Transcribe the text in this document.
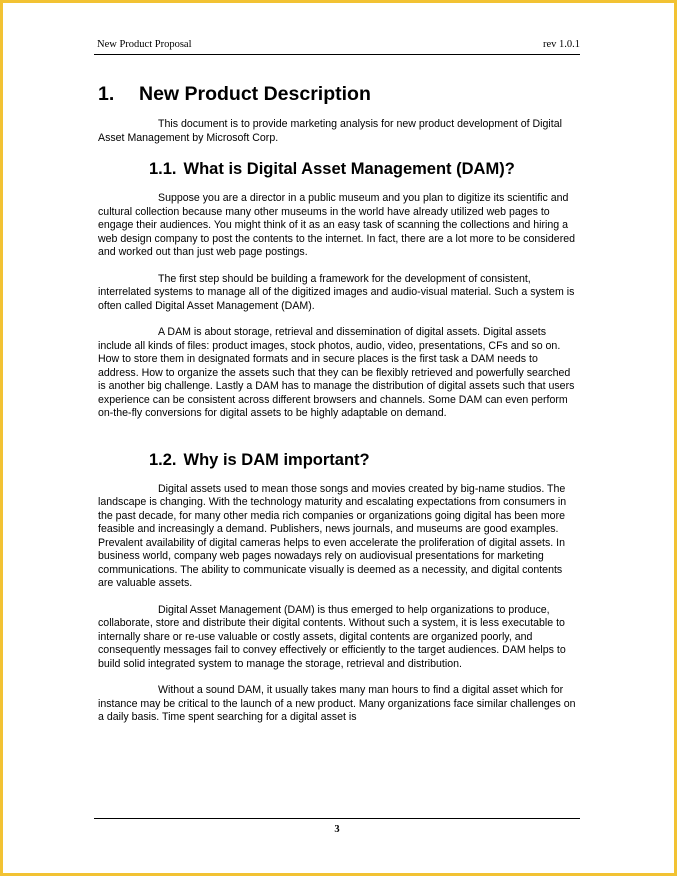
New Product Proposal	rev 1.0.1
1. New Product Description

This document is to provide marketing analysis for new product development of Digital Asset Management by Microsoft Corp.

1.1. What is Digital Asset Management (DAM)?

Suppose you are a director in a public museum and you plan to digitize its scientific and cultural collection because many other museums in the world have already utilized web pages to engage their audiences. You might think of it as an easy task of scanning the collections and hiring a web design company to post the contents to the internet. In fact, there are a lot more to be considered and worked out than just web page postings.

The first step should be building a framework for the development of consistent, interrelated systems to manage all of the digitized images and audio-visual material. Such a system is often called Digital Asset Management (DAM).

A DAM is about storage, retrieval and dissemination of digital assets. Digital assets include all kinds of files: product images, stock photos, audio, video, presentations, CFs and so on. How to store them in designated formats and in secure places is the first task a DAM needs to address. How to organize the assets such that they can be flexibly retrieved and powerfully searched is another big challenge. Lastly a DAM has to manage the distribution of digital assets such that users experience can be consistent across different browsers and channels. Some DAM can even perform on-the-fly conversions for digital assets to be highly adaptable on demand.

1.2. Why is DAM important?

Digital assets used to mean those songs and movies created by big-name studios. The landscape is changing. With the technology maturity and escalating expectations from consumers in the past decade, for many other media rich companies or organizations going digital has been more feasible and increasingly a demand. Publishers, news journals, and museums are good examples. Prevalent availability of digital cameras helps to even accelerate the proliferation of digital assets. In business world, company web pages nowadays rely on audiovisual presentations for marketing communications. The ability to communicate visually is deemed as a necessity, and digital contents are valuable assets.

Digital Asset Management (DAM) is thus emerged to help organizations to produce, collaborate, store and distribute their digital contents. Without such a system, it is less executable to internally share or re-use valuable or costly assets, digital contents are organized poorly, and consequently messages fail to convey effectively or efficiently to the target audiences. DAM helps to build solid integrated system to manage the storage, retrieval and distribution.

Without a sound DAM, it usually takes many man hours to find a digital asset which for instance may be critical to the launch of a new product. Many organizations face similar challenges on a daily basis. Time spent searching for a digital asset is

3
